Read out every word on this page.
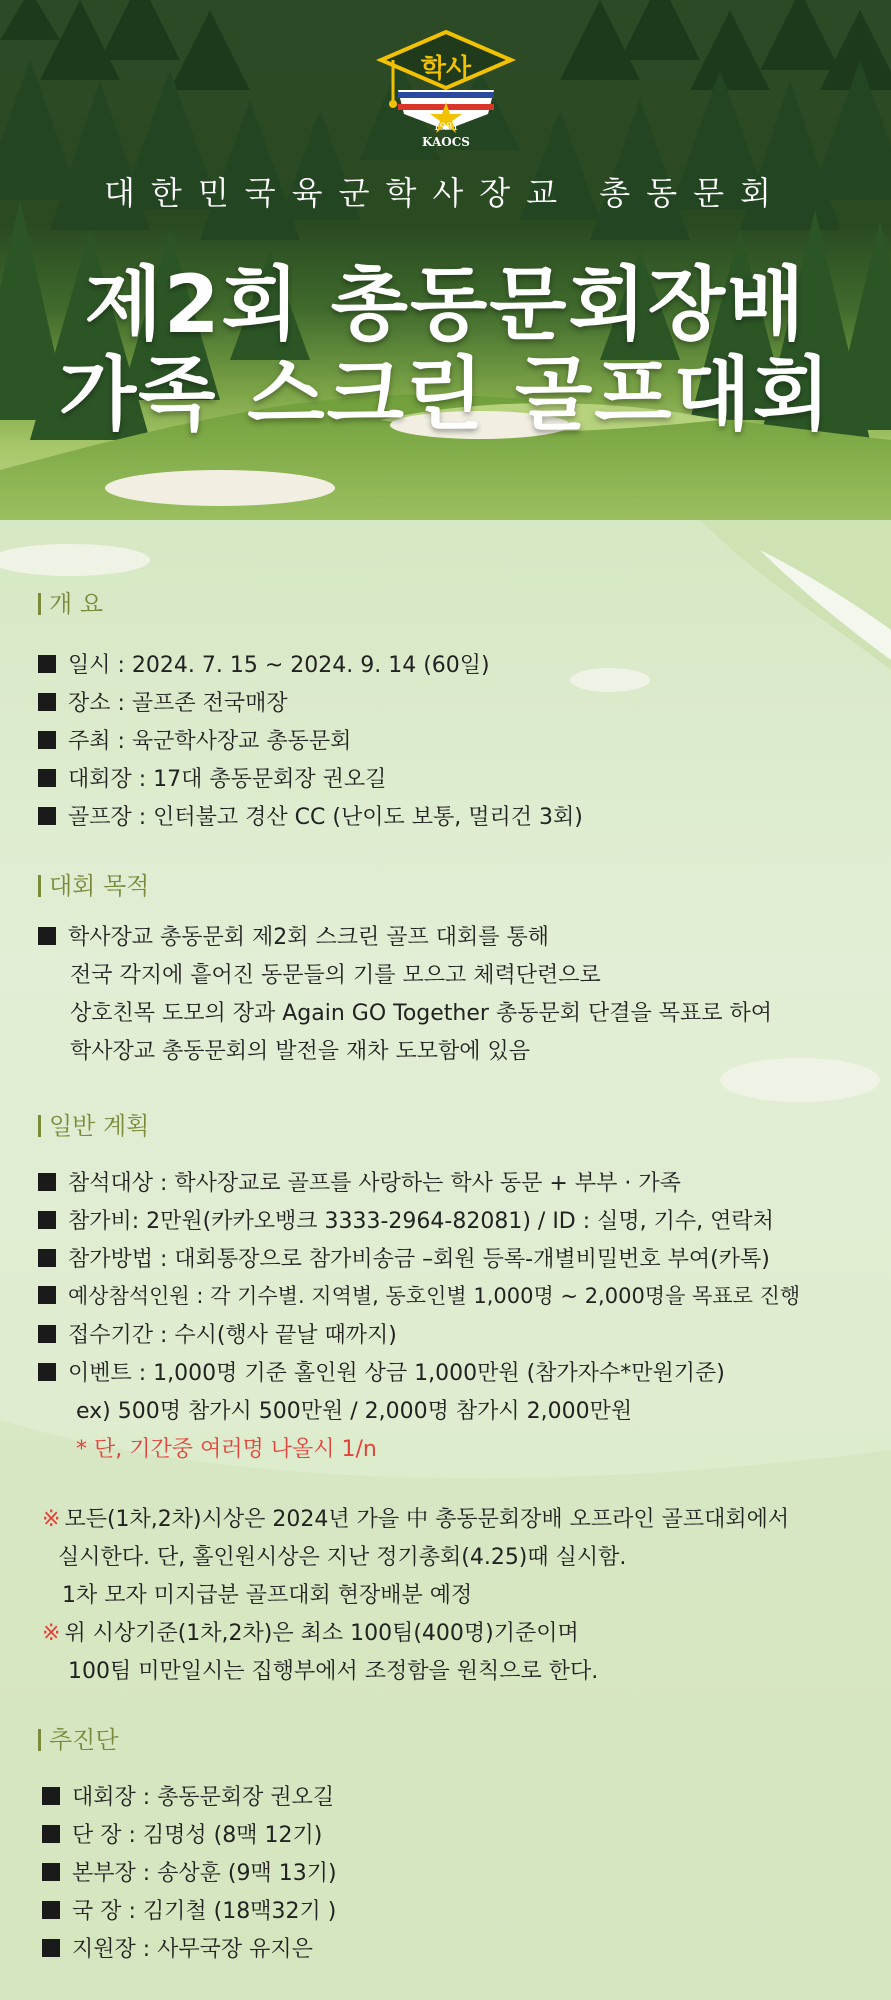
학사
1981
KAOCS
대한민국육군학사장교 총동문회
제2회 총동문회장배
가족 스크린 골프대회
개 요
일시 : 2024. 7. 15 ~ 2024. 9. 14 (60일)
장소 : 골프존 전국매장
주최 : 육군학사장교 총동문회
대회장 : 17대 총동문회장 권오길
골프장 : 인터불고 경산 CC (난이도 보통, 멀리건 3회)
대회 목적
학사장교 총동문회 제2회 스크린 골프 대회를 통해
전국 각지에 흩어진 동문들의 기를 모으고 체력단련으로
상호친목 도모의 장과 Again GO Together 총동문회 단결을 목표로 하여
학사장교 총동문회의 발전을 재차 도모함에 있음
일반 계획
참석대상 : 학사장교로 골프를 사랑하는 학사 동문 + 부부 · 가족
참가비: 2만원(카카오뱅크 3333-2964-82081) / ID : 실명, 기수, 연락처
참가방법 : 대회통장으로 참가비송금 –회원 등록-개별비밀번호 부여(카톡)
예상참석인원 : 각 기수별. 지역별, 동호인별 1,000명 ~ 2,000명을 목표로 진행
접수기간 : 수시(행사 끝날 때까지)
이벤트 : 1,000명 기준 홀인원 상금 1,000만원 (참가자수*만원기준)
ex) 500명 참가시 500만원 / 2,000명 참가시 2,000만원
* 단, 기간중 여러명 나올시 1/n
※ 모든(1차,2차)시상은 2024년 가을 中 총동문회장배 오프라인 골프대회에서
실시한다. 단, 홀인원시상은 지난 정기총회(4.25)때 실시함.
1차 모자 미지급분 골프대회 현장배분 예정
※ 위 시상기준(1차,2차)은 최소 100팀(400명)기준이며
100팀 미만일시는 집행부에서 조정함을 원칙으로 한다.
추진단
대회장 : 총동문회장 권오길
단 장 : 김명성 (8맥 12기)
본부장 : 송상훈 (9맥 13기)
국 장 : 김기철 (18맥32기 )
지원장 : 사무국장 유지은
